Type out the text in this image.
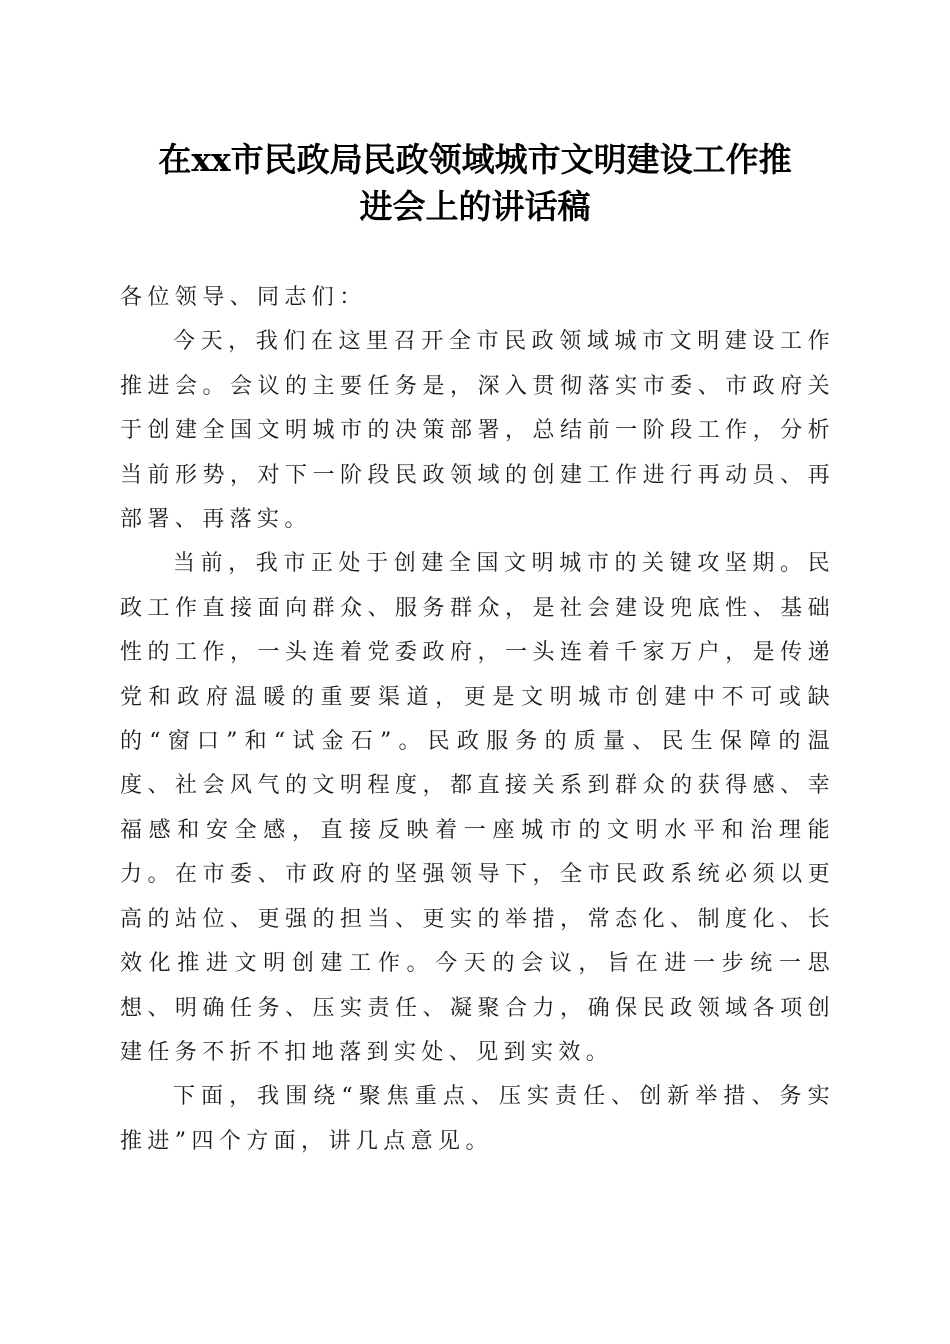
在xx市民政局民政领域城市文明建设工作推
进会上的讲话稿

各位领导、同志们：

今天，我们在这里召开全市民政领域城市文明建设工作推进会。会议的主要任务是，深入贯彻落实市委、市政府关于创建全国文明城市的决策部署，总结前一阶段工作，分析当前形势，对下一阶段民政领域的创建工作进行再动员、再部署、再落实。

当前，我市正处于创建全国文明城市的关键攻坚期。民政工作直接面向群众、服务群众，是社会建设兜底性、基础性的工作，一头连着党委政府，一头连着千家万户，是传递党和政府温暖的重要渠道，更是文明城市创建中不可或缺的“窗口”和“试金石”。民政服务的质量、民生保障的温度、社会风气的文明程度，都直接关系到群众的获得感、幸福感和安全感，直接反映着一座城市的文明水平和治理能力。在市委、市政府的坚强领导下，全市民政系统必须以更高的站位、更强的担当、更实的举措，常态化、制度化、长效化推进文明创建工作。今天的会议，旨在进一步统一思想、明确任务、压实责任、凝聚合力，确保民政领域各项创建任务不折不扣地落到实处、见到实效。

下面，我围绕“聚焦重点、压实责任、创新举措、务实推进”四个方面，讲几点意见。
